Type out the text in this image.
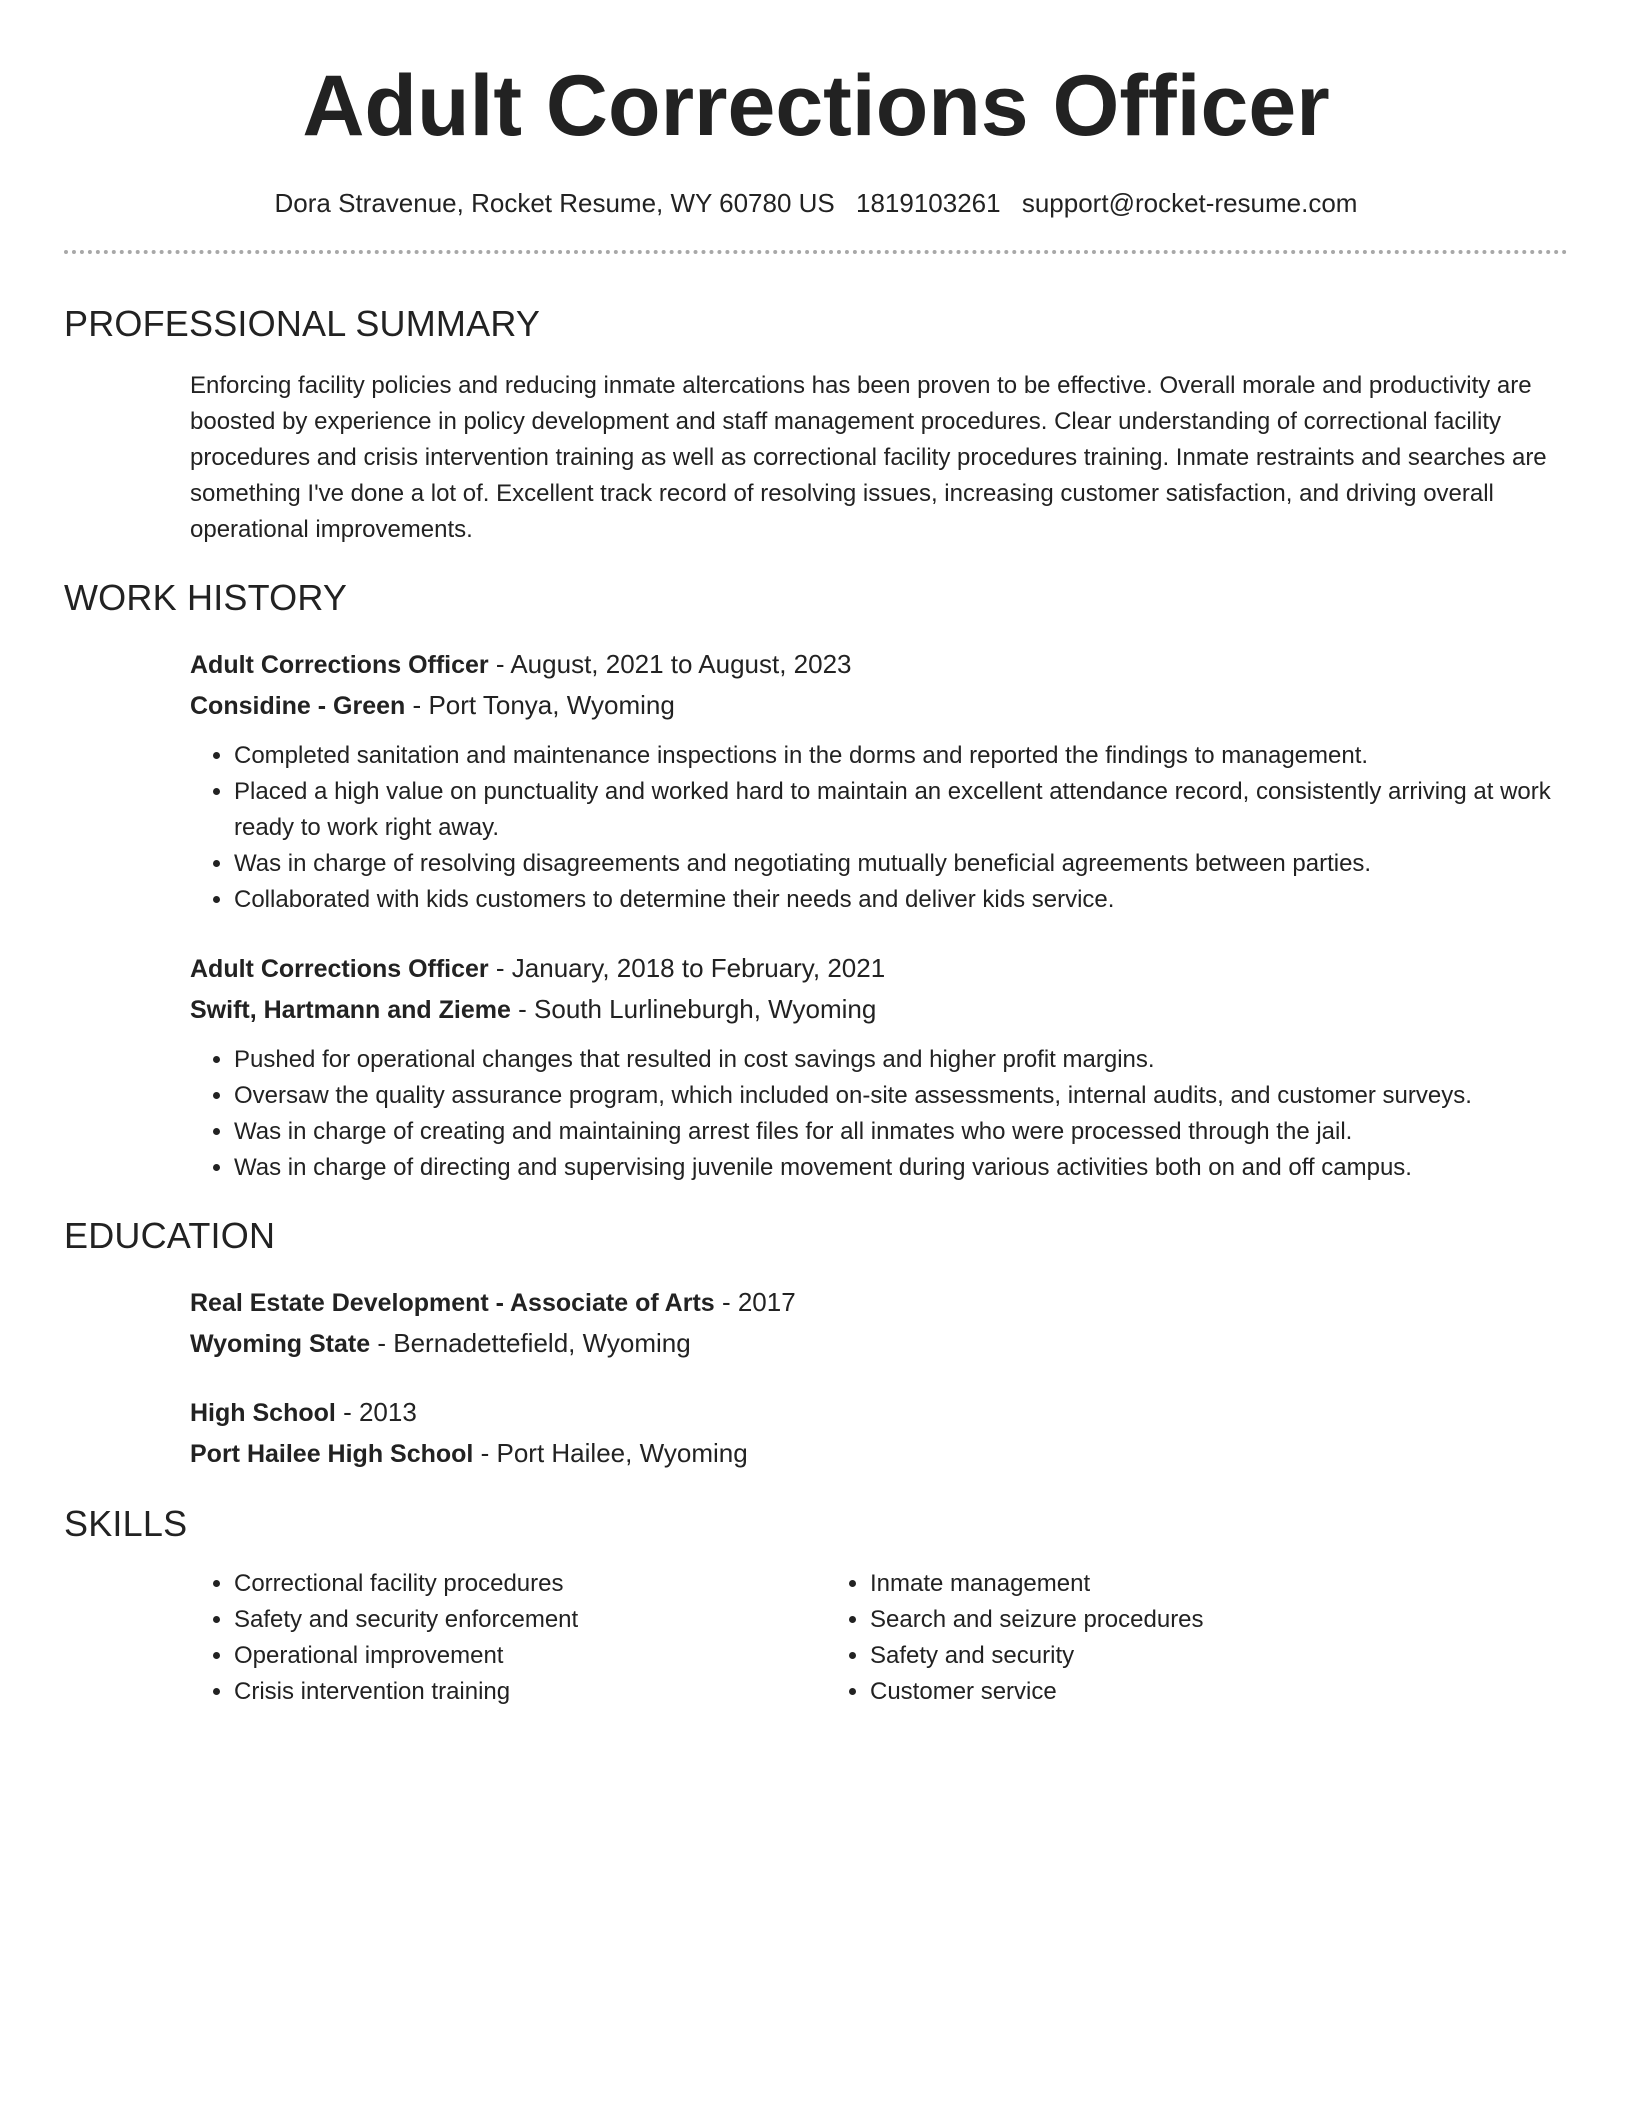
Adult Corrections Officer
Dora Stravenue, Rocket Resume, WY 60780 US 1819103261 support@rocket-resume.com
PROFESSIONAL SUMMARY
Enforcing facility policies and reducing inmate altercations has been proven to be effective. Overall morale and productivity are boosted by experience in policy development and staff management procedures. Clear understanding of correctional facility procedures and crisis intervention training as well as correctional facility procedures training. Inmate restraints and searches are something I've done a lot of. Excellent track record of resolving issues, increasing customer satisfaction, and driving overall operational improvements.
WORK HISTORY
Adult Corrections Officer - August, 2021 to August, 2023
Considine - Green - Port Tonya, Wyoming
• Completed sanitation and maintenance inspections in the dorms and reported the findings to management.
• Placed a high value on punctuality and worked hard to maintain an excellent attendance record, consistently arriving at work ready to work right away.
• Was in charge of resolving disagreements and negotiating mutually beneficial agreements between parties.
• Collaborated with kids customers to determine their needs and deliver kids service.
Adult Corrections Officer - January, 2018 to February, 2021
Swift, Hartmann and Zieme - South Lurlineburgh, Wyoming
• Pushed for operational changes that resulted in cost savings and higher profit margins.
• Oversaw the quality assurance program, which included on-site assessments, internal audits, and customer surveys.
• Was in charge of creating and maintaining arrest files for all inmates who were processed through the jail.
• Was in charge of directing and supervising juvenile movement during various activities both on and off campus.
EDUCATION
Real Estate Development - Associate of Arts - 2017
Wyoming State - Bernadettefield, Wyoming
High School - 2013
Port Hailee High School - Port Hailee, Wyoming
SKILLS
• Correctional facility procedures
• Safety and security enforcement
• Operational improvement
• Crisis intervention training
• Inmate management
• Search and seizure procedures
• Safety and security
• Customer service
